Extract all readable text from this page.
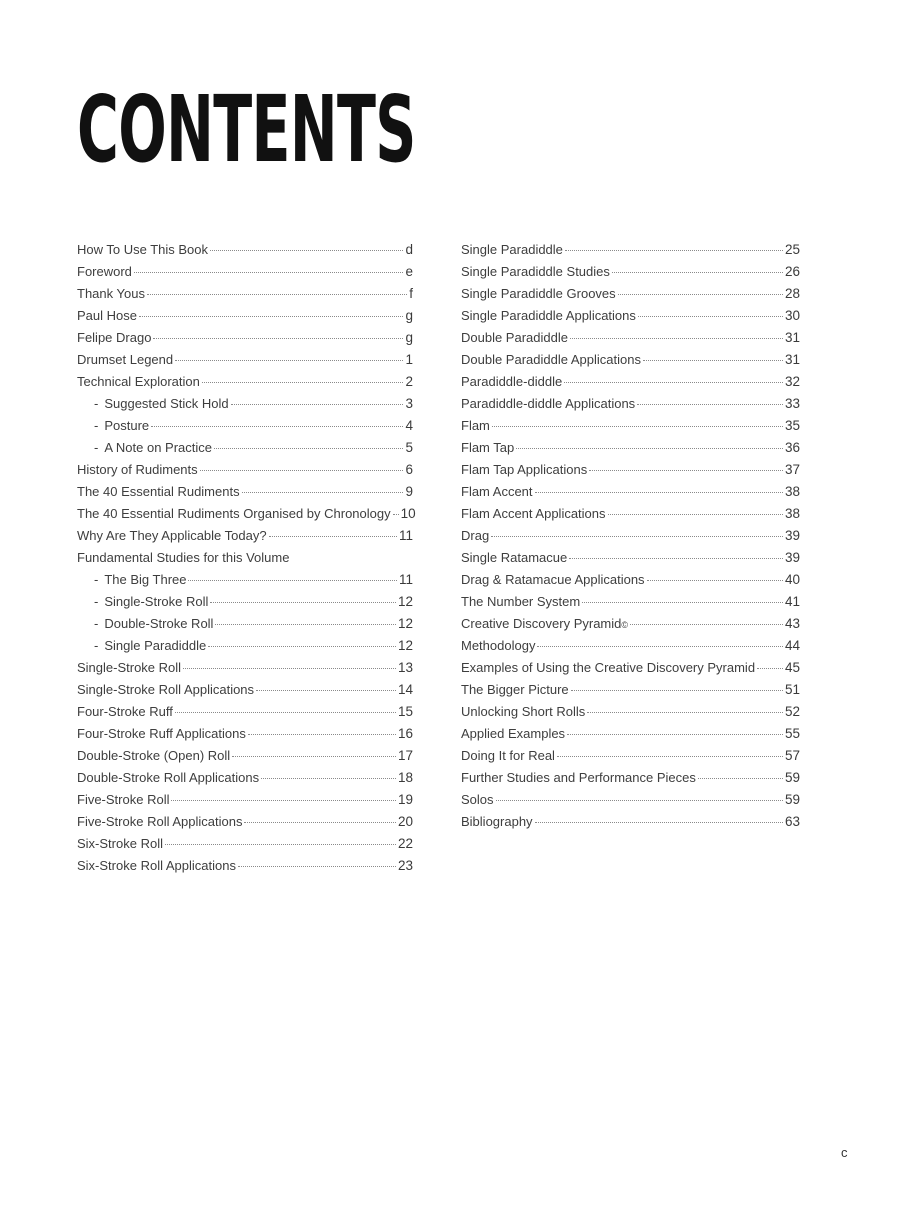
CONTENTS
How To Use This Book	d
Foreword	e
Thank Yous	f
Paul Hose	g
Felipe Drago	g
Drumset Legend	1
Technical Exploration	2
- Suggested Stick Hold	3
- Posture	4
- A Note on Practice	5
History of Rudiments	6
The 40 Essential Rudiments	9
The 40 Essential Rudiments Organised by Chronology 10
Why Are They Applicable Today?	11
Fundamental Studies for this Volume
- The Big Three	11
- Single-Stroke Roll	12
- Double-Stroke Roll	12
- Single Paradiddle	12
Single-Stroke Roll	13
Single-Stroke Roll Applications	14
Four-Stroke Ruff	15
Four-Stroke Ruff Applications	16
Double-Stroke (Open) Roll	17
Double-Stroke Roll Applications	18
Five-Stroke Roll	19
Five-Stroke Roll Applications	20
Six-Stroke Roll	22
Six-Stroke Roll Applications	23
Single Paradiddle	25
Single Paradiddle Studies	26
Single Paradiddle Grooves	28
Single Paradiddle Applications	30
Double Paradiddle	31
Double Paradiddle Applications	31
Paradiddle-diddle	32
Paradiddle-diddle Applications	33
Flam	35
Flam Tap	36
Flam Tap Applications	37
Flam Accent	38
Flam Accent Applications	38
Drag	39
Single Ratamacue	39
Drag & Ratamacue Applications	40
The Number System	41
Creative Discovery Pyramid ©	43
Methodology	44
Examples of Using the Creative Discovery Pyramid 45
The Bigger Picture	51
Unlocking Short Rolls	52
Applied Examples	55
Doing It for Real	57
Further Studies and Performance Pieces	59
Solos	59
Bibliography	63
c
